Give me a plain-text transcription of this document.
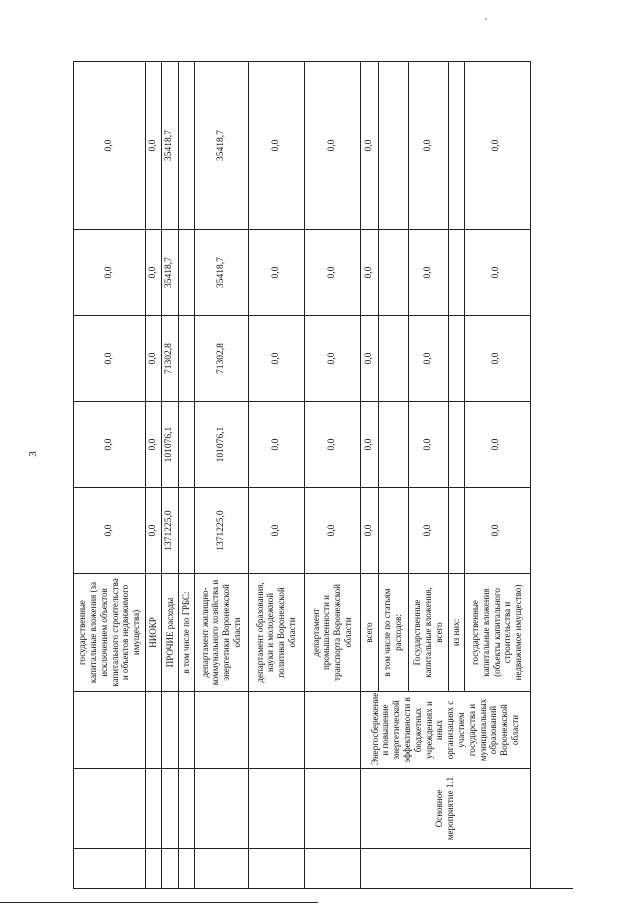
3
			государственные капитальные вложения (за исключением объектов капитального строительства и объектов недвижимого имущества)	0,0	0,0	0,0	0,0	0,0
			НИОКР	0,0	0,0	0,0	0,0	0,0
			ПРОЧИЕ расходы	1371225,0	101076,1	71302,8	35418,7	35418,7
			в том числе по ГРБС:					
			департамент жилищно-коммунального хозяйства и энергетики Воронежской области	1371225,0	101076,1	71302,8	35418,7	35418,7
			департамент образования, науки и молодежной политики Воронежской области	0,0	0,0	0,0	0,0	0,0
			департамент промышленности и транспорта Воронежской области	0,0	0,0	0,0	0,0	0,0
	Основное мероприятие 1.1	Энергосбережение и повышение энергетической эффективности в бюджетных учреждениях и иных организациях с участием государства и муниципальных образований Воронежской области	всего	0,0	0,0	0,0	0,0	0,0
			в том числе по статьям расходов:					
			Государственные капитальные вложения, всего	0,0	0,0	0,0	0,0	0,0
			из них:					
			государственные капитальные вложения (объекты капитального строительства и недвижимое имущество)	0,0	0,0	0,0	0,0	0,0
